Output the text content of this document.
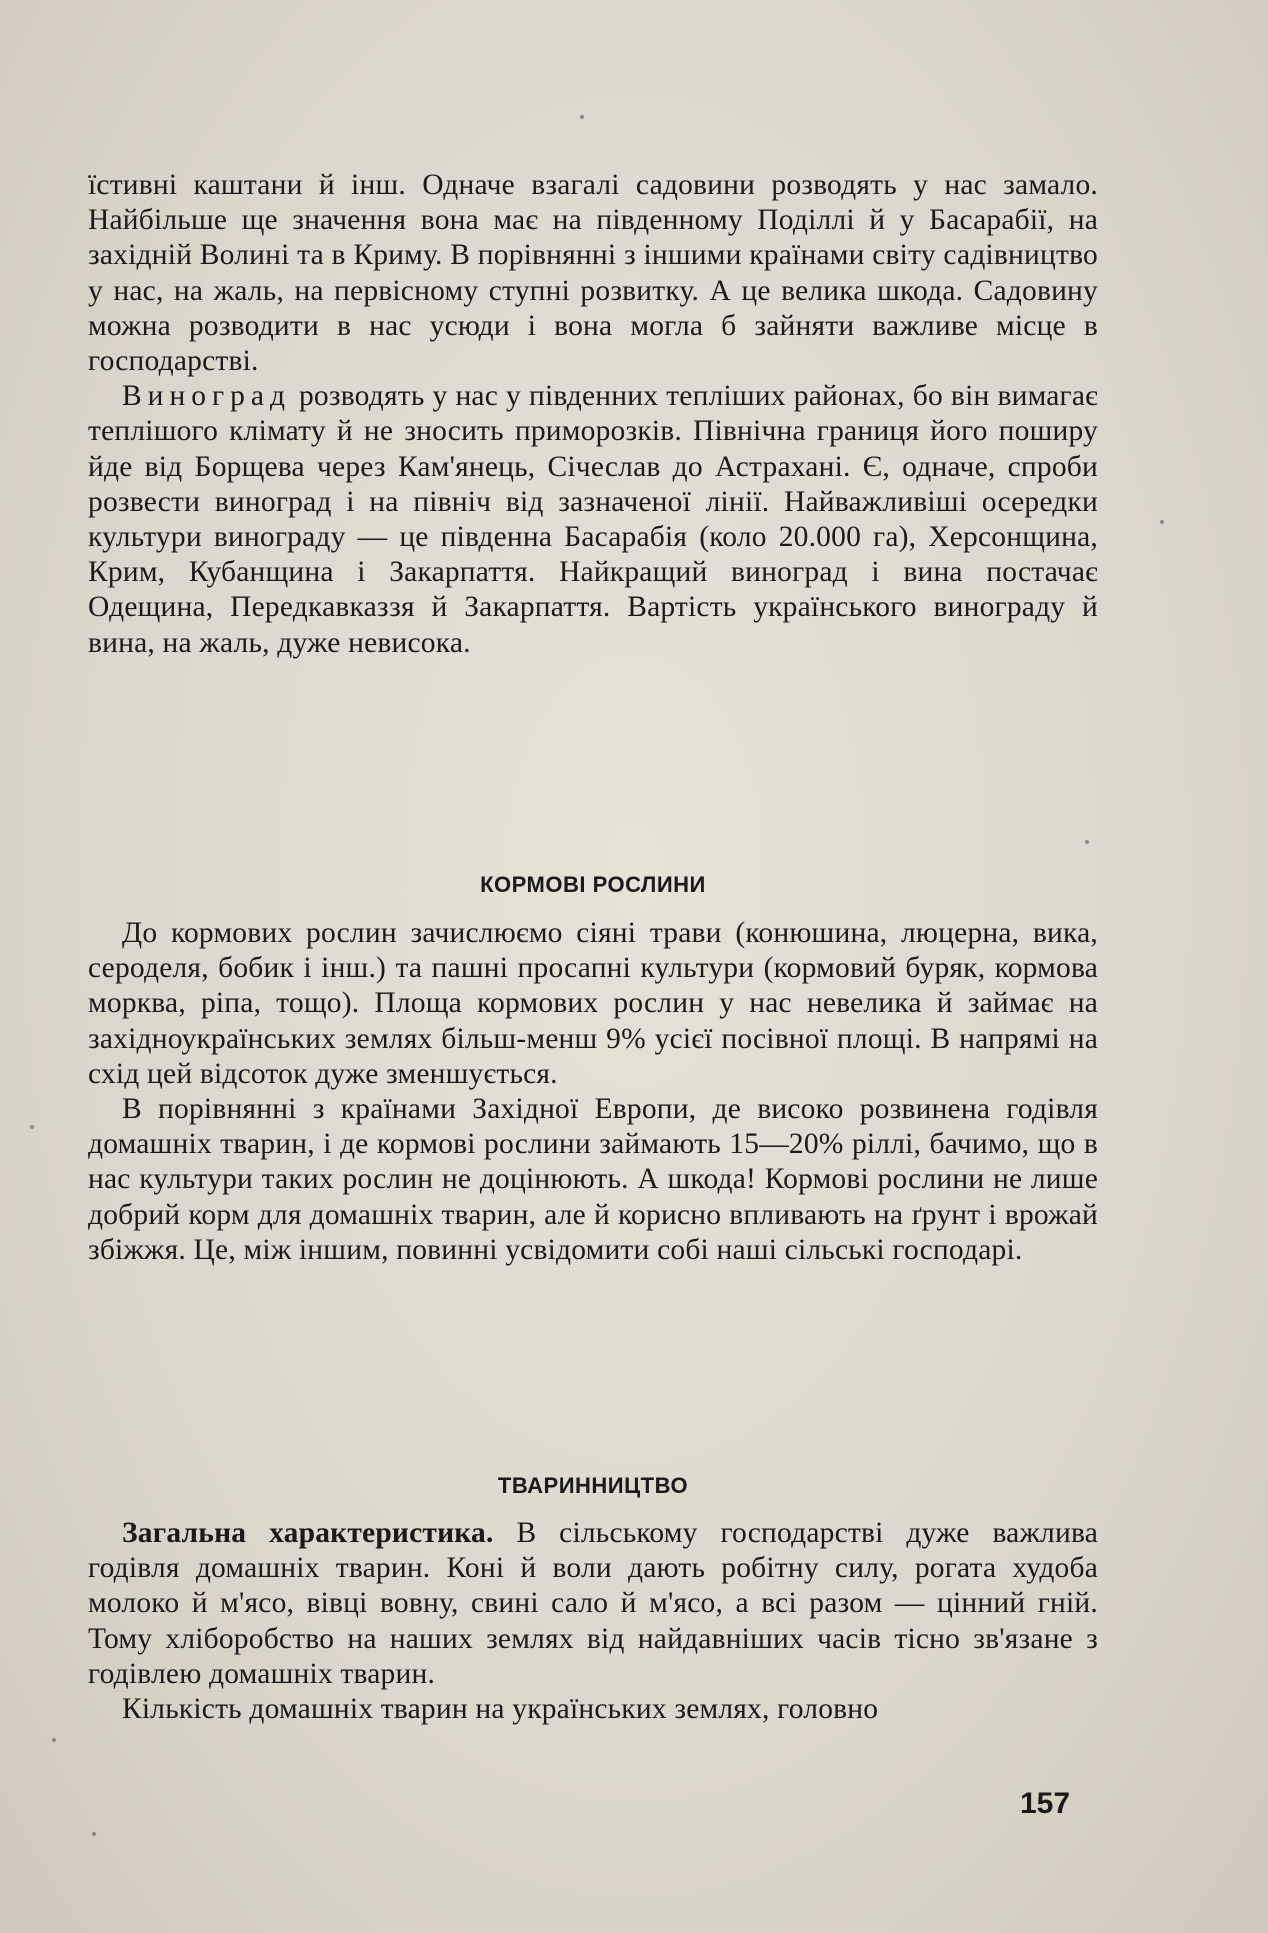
їстивні каштани й інш. Одначе взагалі садовини розводять у нас замало. Найбільше ще значення вона має на південному Поділлі й у Басарабії, на західній Волині та в Криму. В порівнянні з іншими країнами світу садівництво у нас, на жаль, на первісному ступні розвитку. А це велика шкода. Садовину можна розводити в нас усюди і вона могла б зайняти важливе місце в господарстві.

Виноград розводять у нас у південних тепліших районах, бо він вимагає теплішого клімату й не зносить приморозків. Північна границя його поширу йде від Борщева через Кам'янець, Січеслав до Астрахані. Є, одначе, спроби розвести виноград і на північ від зазначеної лінії. Найважливіші осередки культури винограду — це південна Басарабія (коло 20.000 га), Херсонщина, Крим, Кубанщина і Закарпаття. Найкращий виноград і вина постачає Одещина, Передкавказзя й Закарпаття. Вартість українського винограду й вина, на жаль, дуже невисока.

КОРМОВІ РОСЛИНИ

До кормових рослин зачислюємо сіяні трави (конюшина, люцерна, вика, сероделя, бобик і інш.) та пашні просапні культури (кормовий буряк, кормова морква, ріпа, тощо). Площа кормових рослин у нас невелика й займає на західноукраїнських землях більш-менш 9% усієї посівної площі. В напрямі на схід цей відсоток дуже зменшується.

В порівнянні з країнами Західної Европи, де високо розвинена годівля домашніх тварин, і де кормові рослини займають 15—20% ріллі, бачимо, що в нас культури таких рослин не доцінюють. А шкода! Кормові рослини не лише добрий корм для домашніх тварин, але й корисно впливають на ґрунт і врожай збіжжя. Це, між іншим, повинні усвідомити собі наші сільські господарі.

ТВАРИННИЦТВО

Загальна характеристика. В сільському господарстві дуже важлива годівля домашніх тварин. Коні й воли дають робітну силу, рогата худоба молоко й м'ясо, вівці вовну, свині сало й м'ясо, а всі разом — цінний гній. Тому хліборобство на наших землях від найдавніших часів тісно зв'язане з годівлею домашніх тварин.

Кількість домашніх тварин на українських землях, головно

157
